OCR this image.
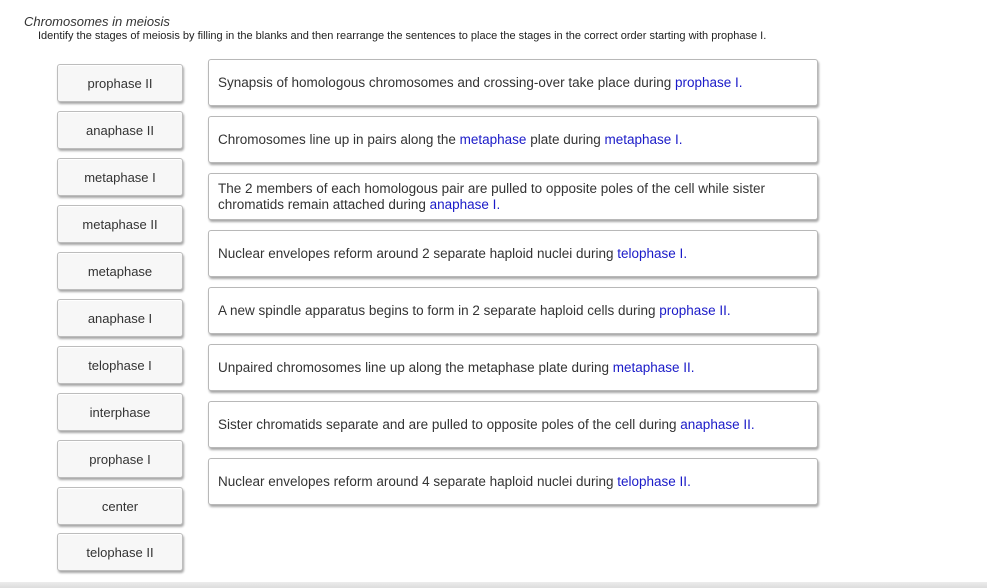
Chromosomes in meiosis
Identify the stages of meiosis by filling in the blanks and then rearrange the sentences to place the stages in the correct order starting with prophase I.
prophase II
anaphase II
metaphase I
metaphase II
metaphase
anaphase I
telophase I
interphase
prophase I
center
telophase II
Synapsis of homologous chromosomes and crossing-over take place during prophase I.
Chromosomes line up in pairs along the metaphase plate during metaphase I.
The 2 members of each homologous pair are pulled to opposite poles of the cell while sister chromatids remain attached during anaphase I.
Nuclear envelopes reform around 2 separate haploid nuclei during telophase I.
A new spindle apparatus begins to form in 2 separate haploid cells during prophase II.
Unpaired chromosomes line up along the metaphase plate during metaphase II.
Sister chromatids separate and are pulled to opposite poles of the cell during anaphase II.
Nuclear envelopes reform around 4 separate haploid nuclei during telophase II.
